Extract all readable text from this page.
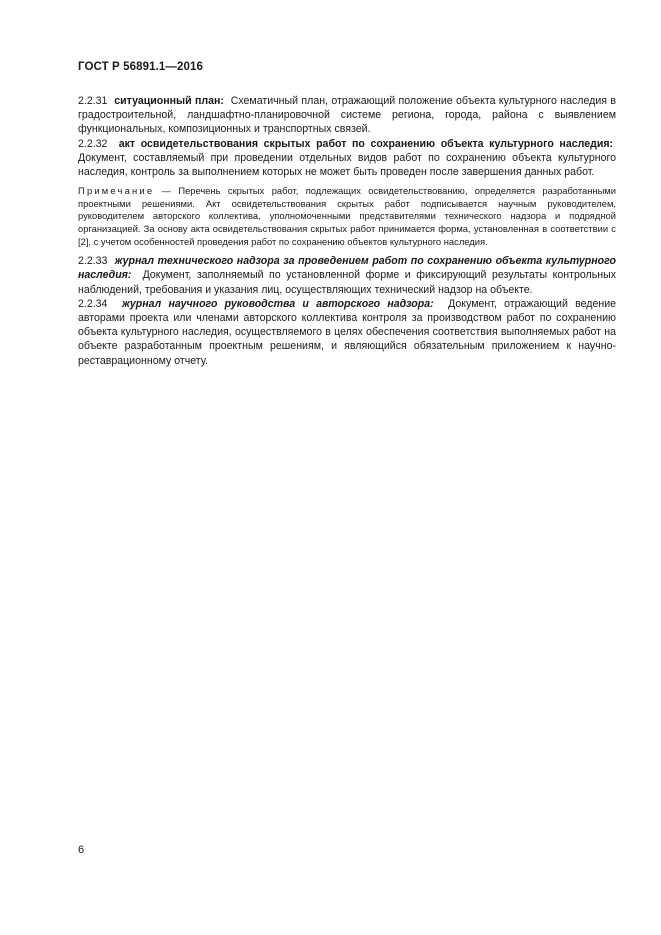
ГОСТ Р 56891.1—2016

2.2.31 ситуационный план: Схематичный план, отражающий положение объекта культурного наследия в градостроительной, ландшафтно-планировочной системе региона, города, района с выявлением функциональных, композиционных и транспортных связей.

2.2.32 акт освидетельствования скрытых работ по сохранению объекта культурного наследия:  Документ, составляемый при проведении отдельных видов работ по сохранению объекта культурного наследия, контроль за выполнением которых не может быть проведен после завершения данных работ.

Примечание — Перечень скрытых работ, подлежащих освидетельствованию, определяется разработанными проектными решениями. Акт освидетельствования скрытых работ подписывается научным руководителем, руководителем авторского коллектива, уполномоченными представителями технического надзора и подрядной организацией. За основу акта освидетельствования скрытых работ принимается форма, установленная в соответствии с [2], с учетом особенностей проведения работ по сохранению объектов культурного наследия.

2.2.33 журнал технического надзора за проведением работ по сохранению объекта культурного наследия: Документ, заполняемый по установленной форме и фиксирующий результаты контрольных наблюдений, требования и указания лиц, осуществляющих технический надзор на объекте.

2.2.34 журнал научного руководства и авторского надзора: Документ, отражающий ведение авторами проекта или членами авторского коллектива контроля за производством работ по сохранению объекта культурного наследия, осуществляемого в целях обеспечения соответствия выполняемых работ на объекте разработанным проектным решениям, и являющийся обязательным приложением к научно-реставрационному отчету.

6
